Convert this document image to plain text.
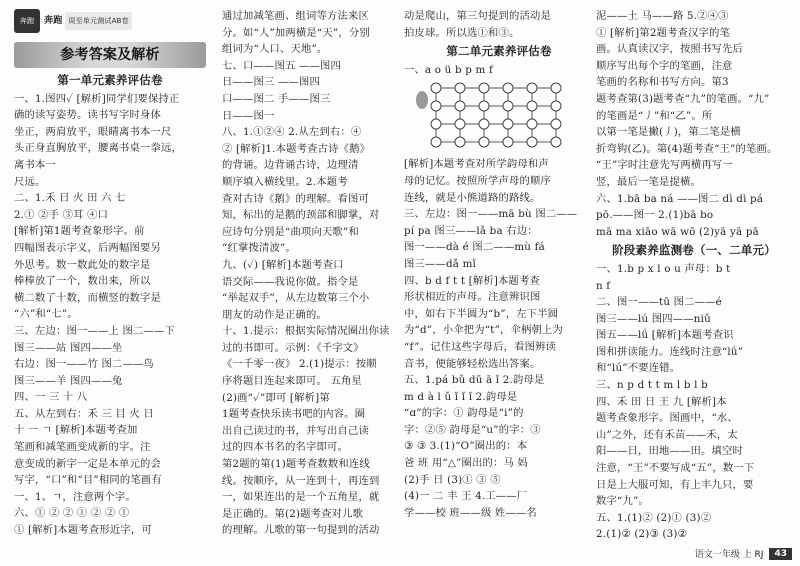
奔跑	奔跑 周至单元测试AB卷
参考答案及解析
第一单元素养评估卷
一、1.图四✓ [解析]同学们要保持正
确的读写姿势。读书写字时身体
坐正，两肩放平，眼睛离书本一尺
头正身直胸放平，腰离书桌一拳远，
离书本一
尺远。
二、1.禾 日 火 田 六 七
2.① ②手 ③耳 ④口
[解析]第1题考查象形字。前
四幅图表示字义，后两幅图要另
外思考。数一数此处的数字是
棒棒放了一个，数出来，所以
横二数了十数，而横竖的数字是
“六”和“七”。
三、左边：图一——上 图二——下
图三——站 图四——坐
右边：图一——竹 图二——鸟
图三——羊 图四——兔
四、一 三 十 八
五、从左到右：禾 三 目 火 日
十 一 ㄱ [解析]本题考查加
笔画和减笔画变成新的字。注
意变成的新字一定是本单元的会
写字，“口”和“目”相同的笔画有
一、1、ㄱ，注意两个字。
六、① ② ② ① ② ② ①
① [解析]本题考查形近字，可
通过加减笔画、组词等方法来区
分。如“人”加两横是“天”，分别
组词为“人口、天地”。
七、口——图五 ——图四
日——图三 ——图四
口——图二 手——图三
日——图一
八、1.①②④ 2.从左到右：④
② [解析]1.本题考查古诗《鹅》
的背诵。边背诵古诗，边理清
顺序填入横线里。2.本题考
查对古诗《鹅》的理解。看图可
知，标出的是鹅的颈部和脚掌，对
应诗句分别是“曲项向天歌”和
“红掌拨清波”。
九、(✓) [解析]本题考查口
语交际——我说你做。指令是
“举起双手”，从左边数第三个小
朋友的动作是正确的。
十、1.提示：根据实际情况圈出你读
过的书即可。示例：《千字文》
《一千零一夜》 2.(1)提示：按顺
序将题目连起来即可。 五角星
(2)画“✓”即可 [解析]第
1题考查快乐读书吧的内容。圈
出自己读过的书，并写出自己读
过的四本书名的名字即可。
第2题的第(1)题考查数数和连线
线。按顺序，从一连到十，再连到
一，如果连出的是一个五角星，就
是正确的。第(2)题考查对儿歌
的理解。儿歌的第一句提到的活动
动是爬山，第三句提到的活动是
拍皮球。所以选①和③。
第二单元素养评估卷
一、a o ü b p m f
[解析]本题考查对所学韵母和声
母的记忆。按照所学声母的顺序
连线，就是小熊道路的路线。
三、左边：图一——mā bù 图二——
pí pa 图三——lǎ ba 右边：
图一——dà é 图二——mù fá
图三——dǎ mǐ
四、b d f t t [解析]本题考查
形状相近的声母。注意辨识图
中，如右下半圆为“b”，左下半圆
为“d”，小伞把为“t”，伞柄朝上为
“f”。记住这些字母后，看图辨读
音书，便能够轻松选出答案。
五、1.pá bǔ dū ā ǐ 2.韵母是
m d à l ǔ ǐ ǐ ǐ 2.韵母是
“ɑ”的字：① 韵母是“i”的
字：②⑤ 韵母是“u”的字：③
③ ③ 3.(1)“O”圈出的：本
爸 班 用“△”圈出的：马 妈
(2)手 日 (3)① ③ ⑤
(4)一 二 丰 王 4.工——厂
学——校 班——级 姓——名
泥——土 马——路 5.②④③
① [解析]第2题考查汉字的笔
画。认真读汉字，按照书写先后
顺序写出每个字的笔画，注意
笔画的名称和书写方向。第3
题考查第(3)题考查“九”的笔画。“九”
的笔画是“丿”和“乙”。所
以第一笔是撇(丿)，第二笔是横
折弯钩(乙)。第(4)题考查“王”的笔画。
“王”字时注意先写两横再写一
竖，最后一笔是提横。
六、1.bā ba ná ——图二 dì dì pá
pō.——图一 2.(1)bā bo
mā ma xiāo wā wō (2)yā yā pā
阶段素养监测卷（一、二单元）
一、1.b p x l o u 声母：b t
n f
二、图一——tū 图二——é
图三——lú 图四——niǔ
图五——lǘ [解析]本题考查识
图和拼读能力。连线时注意“lǘ”
和“lú”不要连错。
三、n p d t t m l b l b
四、禾 田 日 王 九 [解析]本
题考查象形字。图画中，“水、
山”之外，还有禾苗——禾，太
阳——日，田地——田。填空时
注意，“王”不要写成“五”，数一下
日是上大服可知，有上丰九只，要
数字“九”。
五、1.(1)② (2)① (3)②
2.(1)② (2)③ (3)②
语文一年级 上 RJ	43
